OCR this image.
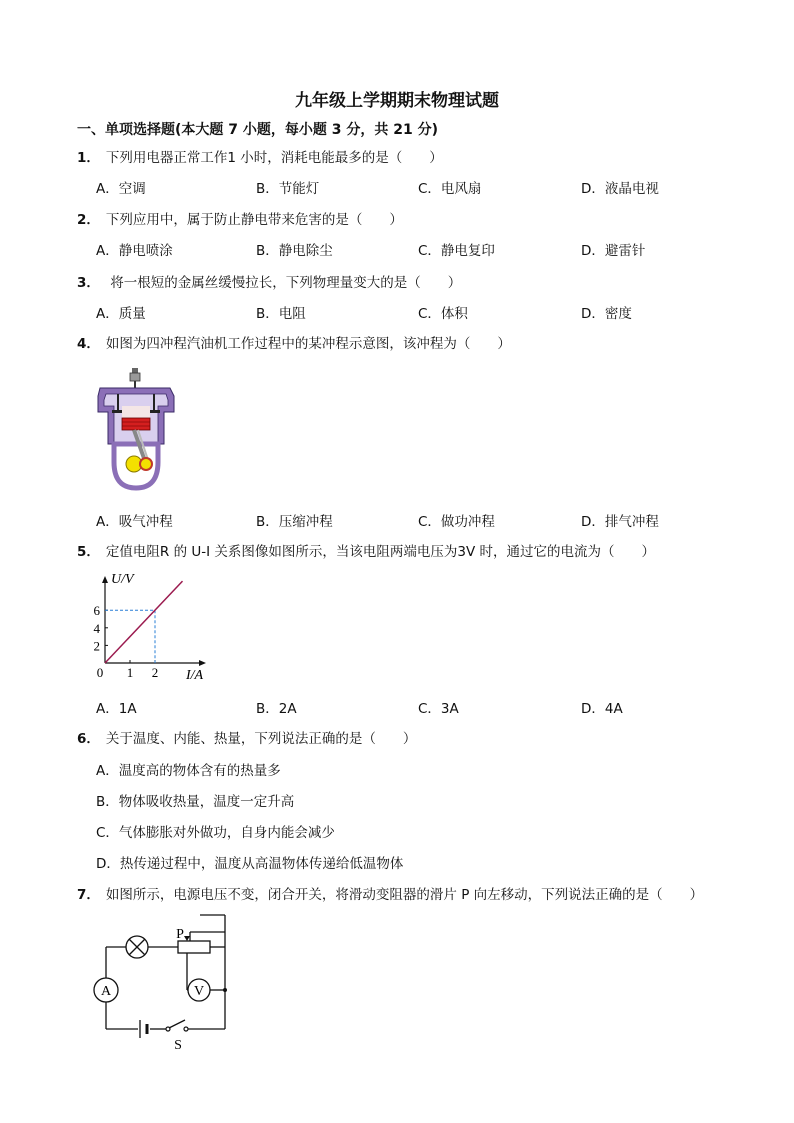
九年级上学期期末物理试题
一、单项选择题(本大题 7 小题，每小题 3 分，共 21 分)
1． 下列用电器正常工作1 小时，消耗电能最多的是（　　）
A．空调	B．节能灯	C．电风扇	D．液晶电视
2． 下列应用中，属于防止静电带来危害的是（　　）
A．静电喷涂	B．静电除尘	C．静电复印	D．避雷针
3． 将一根短的金属丝缓慢拉长，下列物理量变大的是（　　）
A．质量	B．电阻	C．体积	D．密度
4． 如图为四冲程汽油机工作过程中的某冲程示意图，该冲程为（　　）
A．吸气冲程	B．压缩冲程	C．做功冲程	D．排气冲程
5． 定值电阻R 的 U-I 关系图像如图所示，当该电阻两端电压为3V 时，通过它的电流为（　　）
0 1 2
2
4
6
U/V
I/A
A．1A	B．2A	C．3A	D．4A
6． 关于温度、内能、热量，下列说法正确的是（　　）
A．温度高的物体含有的热量多
B．物体吸收热量，温度一定升高
C．气体膨胀对外做功，自身内能会减少
D．热传递过程中，温度从高温物体传递给低温物体
7． 如图所示，电源电压不变，闭合开关，将滑动变阻器的滑片 P 向左移动，下列说法正确的是（　　）
A	V
P
S
